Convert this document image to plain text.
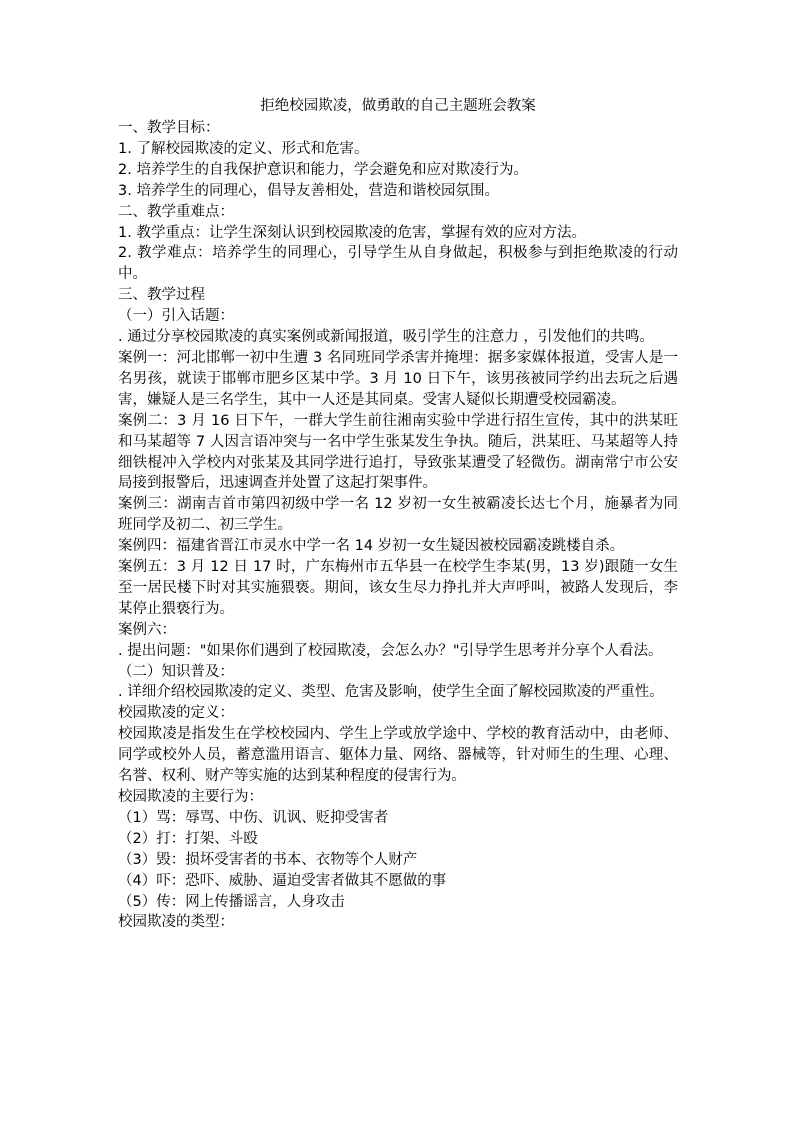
拒绝校园欺凌，做勇敢的自己主题班会教案
一、教学目标：
1. 了解校园欺凌的定义、形式和危害。
2. 培养学生的自我保护意识和能力，学会避免和应对欺凌行为。
3. 培养学生的同理心，倡导友善相处，营造和谐校园氛围。
二、教学重难点：
1. 教学重点：让学生深刻认识到校园欺凌的危害，掌握有效的应对方法。
2. 教学难点：培养学生的同理心，引导学生从自身做起，积极参与到拒绝欺凌的行动中。
三、教学过程
（一）引入话题：
. 通过分享校园欺凌的真实案例或新闻报道，吸引学生的注意力 ，引发他们的共鸣。
案例一：河北邯郸一初中生遭 3 名同班同学杀害并掩埋：据多家媒体报道，受害人是一名男孩，就读于邯郸市肥乡区某中学。3 月 10 日下午，该男孩被同学约出去玩之后遇害，嫌疑人是三名学生，其中一人还是其同桌。受害人疑似长期遭受校园霸凌。
案例二：3 月 16 日下午，一群大学生前往湘南实验中学进行招生宣传，其中的洪某旺和马某超等 7 人因言语冲突与一名中学生张某发生争执。随后，洪某旺、马某超等人持细铁棍冲入学校内对张某及其同学进行追打，导致张某遭受了轻微伤。湖南常宁市公安局接到报警后，迅速调查并处置了这起打架事件。
案例三：湖南吉首市第四初级中学一名 12 岁初一女生被霸凌长达七个月，施暴者为同班同学及初二、初三学生。
案例四：福建省晋江市灵水中学一名 14 岁初一女生疑因被校园霸凌跳楼自杀。
案例五：3 月 12 日 17 时，广东梅州市五华县一在校学生李某(男，13 岁)跟随一女生至一居民楼下时对其实施猥亵。期间，该女生尽力挣扎并大声呼叫，被路人发现后，李某停止猥亵行为。
案例六：
. 提出问题："如果你们遇到了校园欺凌，会怎么办？"引导学生思考并分享个人看法。
（二）知识普及：
. 详细介绍校园欺凌的定义、类型、危害及影响，使学生全面了解校园欺凌的严重性。
校园欺凌的定义：
校园欺凌是指发生在学校校园内、学生上学或放学途中、学校的教育活动中，由老师、同学或校外人员，蓄意滥用语言、躯体力量、网络、器械等，针对师生的生理、心理、名誉、权利、财产等实施的达到某种程度的侵害行为。
校园欺凌的主要行为：
（1）骂：辱骂、中伤、讥讽、贬抑受害者
（2）打：打架、斗殴
（3）毁：损坏受害者的书本、衣物等个人财产
（4）吓：恐吓、威胁、逼迫受害者做其不愿做的事
（5）传：网上传播谣言，人身攻击
校园欺凌的类型：
